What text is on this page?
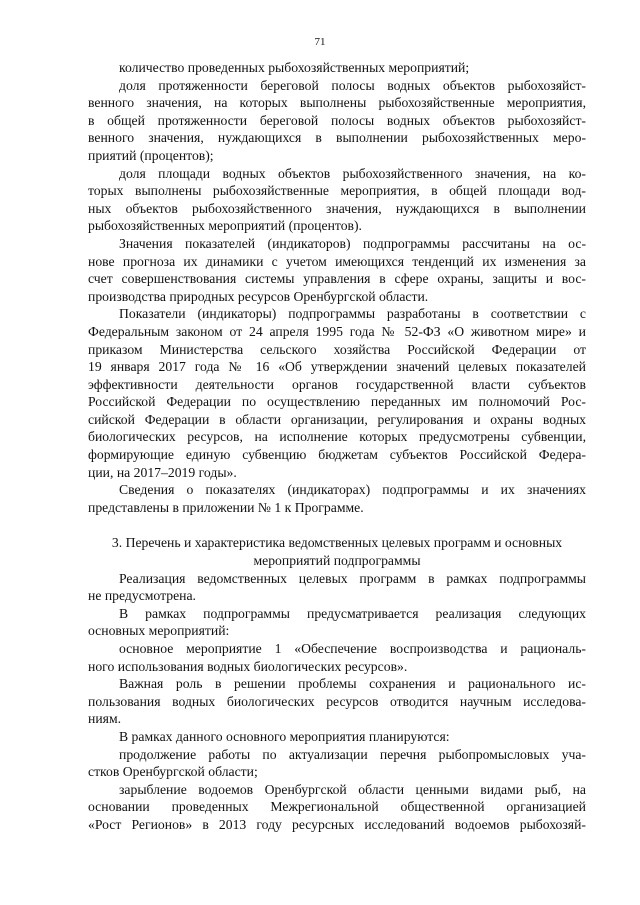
71
количество проведенных рыбохозяйственных мероприятий;
доля протяженности береговой полосы водных объектов рыбохозяйст-
венного значения, на которых выполнены рыбохозяйственные мероприятия,
в общей протяженности береговой полосы водных объектов рыбохозяйст-
венного значения, нуждающихся в выполнении рыбохозяйственных меро-
приятий (процентов);
доля площади водных объектов рыбохозяйственного значения, на ко-
торых выполнены рыбохозяйственные мероприятия, в общей площади вод-
ных объектов рыбохозяйственного значения, нуждающихся в выполнении
рыбохозяйственных мероприятий (процентов).
Значения показателей (индикаторов) подпрограммы рассчитаны на ос-
нове прогноза их динамики с учетом имеющихся тенденций их изменения за
счет совершенствования системы управления в сфере охраны, защиты и вос-
производства природных ресурсов Оренбургской области.
Показатели (индикаторы) подпрограммы разработаны в соответствии с
Федеральным законом от 24 апреля 1995 года № 52-ФЗ «О животном мире» и
приказом Министерства сельского хозяйства Российской Федерации от
19 января 2017 года № 16 «Об утверждении значений целевых показателей
эффективности деятельности органов государственной власти субъектов
Российской Федерации по осуществлению переданных им полномочий Рос-
сийской Федерации в области организации, регулирования и охраны водных
биологических ресурсов, на исполнение которых предусмотрены субвенции,
формирующие единую субвенцию бюджетам субъектов Российской Федера-
ции, на 2017–2019 годы».
Сведения о показателях (индикаторах) подпрограммы и их значениях
представлены в приложении № 1 к Программе.
3. Перечень и характеристика ведомственных целевых программ и основных
мероприятий подпрограммы
Реализация ведомственных целевых программ в рамках подпрограммы
не предусмотрена.
В рамках подпрограммы предусматривается реализация следующих
основных мероприятий:
основное мероприятие 1 «Обеспечение воспроизводства и рациональ-
ного использования водных биологических ресурсов».
Важная роль в решении проблемы сохранения и рационального ис-
пользования водных биологических ресурсов отводится научным исследова-
ниям.
В рамках данного основного мероприятия планируются:
продолжение работы по актуализации перечня рыбопромысловых уча-
стков Оренбургской области;
зарыбление водоемов Оренбургской области ценными видами рыб, на
основании проведенных Межрегиональной общественной организацией
«Рост Регионов» в 2013 году ресурсных исследований водоемов рыбохозяй-
